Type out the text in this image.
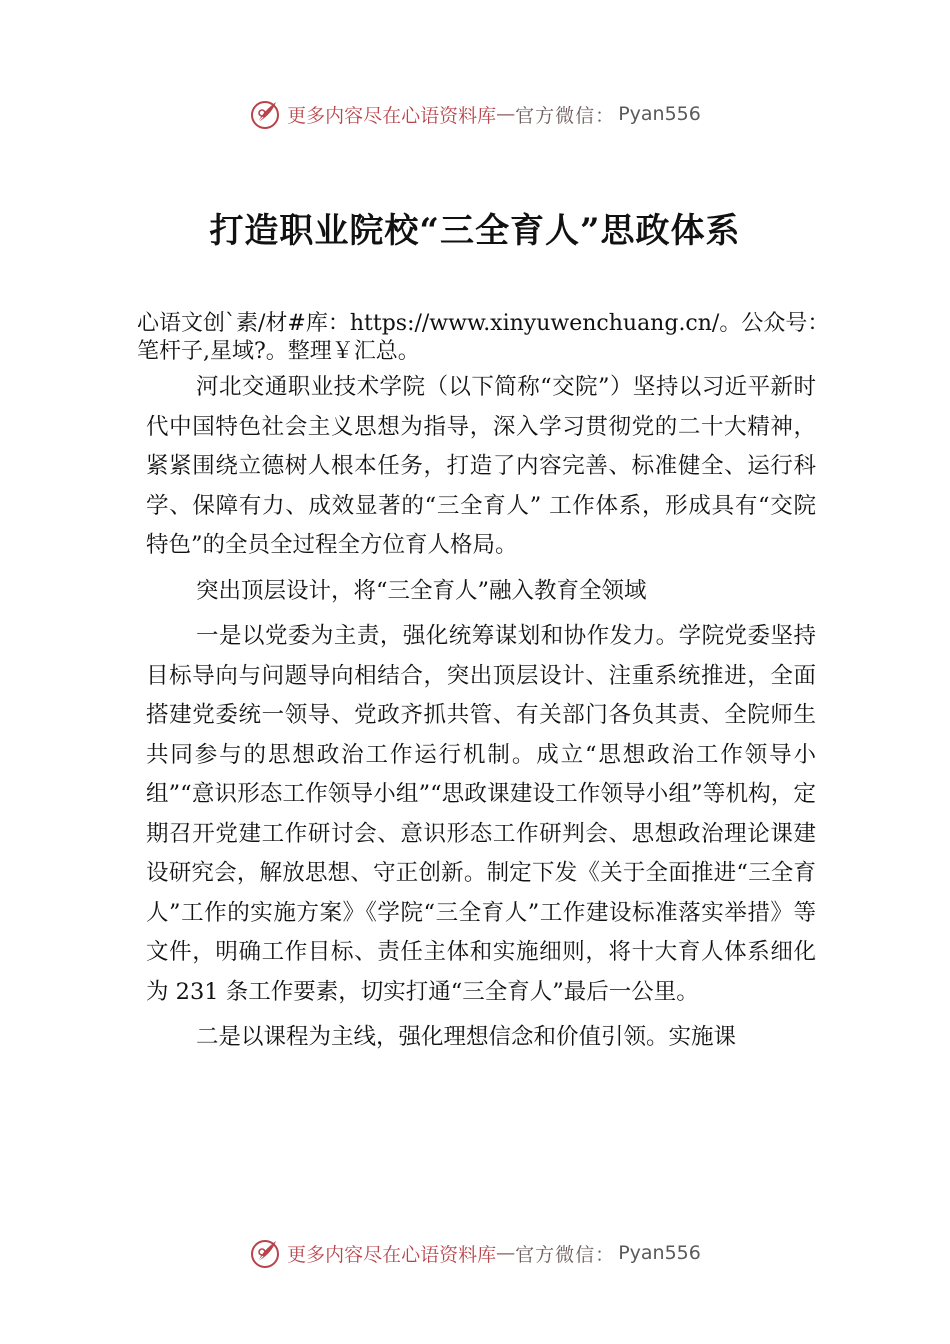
更多内容尽在心语资料库 — 官方微信 ： Pyan556
打造职业院校“三全育人”思政体系
心语文创`素/材#库：https://www.xinyuwenchuang.cn/。公众号：笔杆子,星域?。整理￥汇总。

河北交通职业技术学院（以下简称“交院”）坚持以习近平新时代中国特色社会主义思想为指导，深入学习贯彻党的二十大精神，紧紧围绕立德树人根本任务，打造了内容完善、标准健全、运行科学、保障有力、成效显著的“三全育人” 工作体系，形成具有“交院特色”的全员全过程全方位育人格局。

突出顶层设计，将“三全育人”融入教育全领域

一是以党委为主责，强化统筹谋划和协作发力。学院党委坚持目标导向与问题导向相结合，突出顶层设计、注重系统推进，全面搭建党委统一领导、党政齐抓共管、有关部门各负其责、全院师生共同参与的思想政治工作运行机制。成立“思想政治工作领导小组”“意识形态工作领导小组”“思政课建设工作领导小组”等机构，定期召开党建工作研讨会、意识形态工作研判会、思想政治理论课建设研究会，解放思想、守正创新。制定下发《关于全面推进“三全育人”工作的实施方案》《学院“三全育人”工作建设标准落实举措》等文件，明确工作目标、责任主体和实施细则，将十大育人体系细化为 231 条工作要素，切实打通“三全育人”最后一公里。

二是以课程为主线，强化理想信念和价值引领。实施课

更多内容尽在心语资料库 — 官方微信 ： Pyan556
